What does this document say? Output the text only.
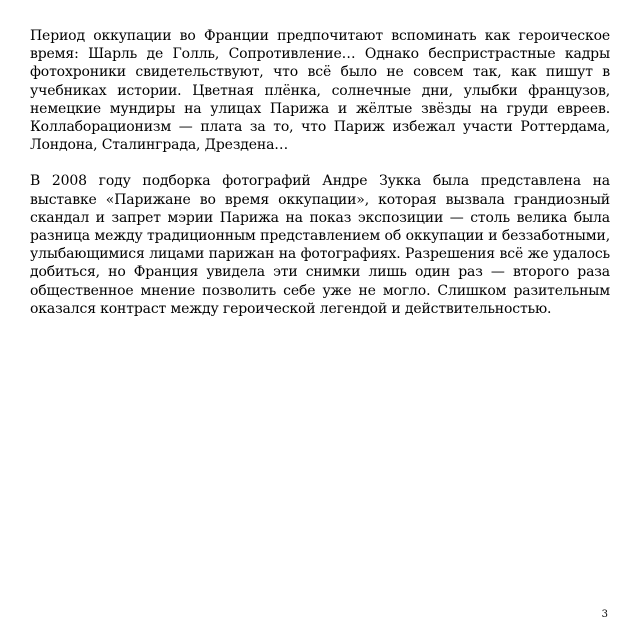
Период оккупации во Франции предпочитают вспоминать как героическое время: Шарль де Голль, Сопротивление… Однако беспристрастные кадры фотохроники свидетельствуют, что всё было не совсем так, как пишут в учебниках истории. Цветная плёнка, солнечные дни, улыбки французов, немецкие мундиры на улицах Парижа и жёлтые звёзды на груди евреев. Коллаборационизм — плата за то, что Париж избежал участи Роттердама, Лондона, Сталинграда, Дрездена…

В 2008 году подборка фотографий Андре Зукка была представлена на выставке «Парижане во время оккупации», которая вызвала грандиозный скандал и запрет мэрии Парижа на показ экспозиции — столь велика была разница между традиционным представлением об оккупации и беззаботными, улыбающимися лицами парижан на фотографиях. Разрешения всё же удалось добиться, но Франция увидела эти снимки лишь один раз — второго раза общественное мнение позволить себе уже не могло. Слишком разительным оказался контраст между героической легендой и действительностью.

3
